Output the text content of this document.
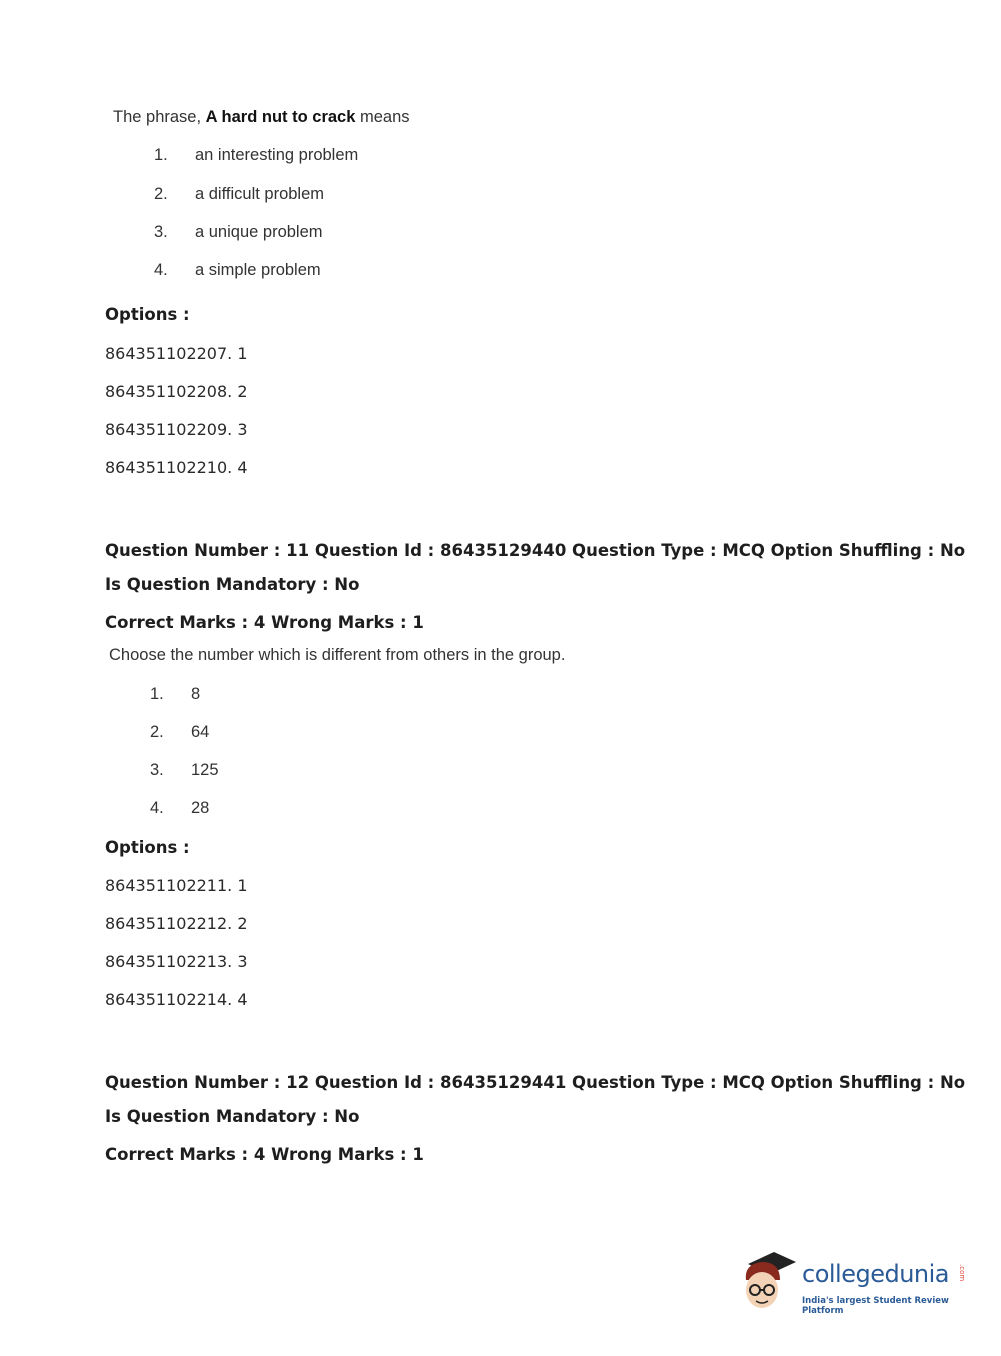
The phrase, A hard nut to crack means
1. an interesting problem
2. a difficult problem
3. a unique problem
4. a simple problem
Options :
864351102207. 1
864351102208. 2
864351102209. 3
864351102210. 4
Question Number : 11 Question Id : 86435129440 Question Type : MCQ Option Shuffling : No
Is Question Mandatory : No
Correct Marks : 4 Wrong Marks : 1
Choose the number which is different from others in the group.
1. 8
2. 64
3. 125
4. 28
Options :
864351102211. 1
864351102212. 2
864351102213. 3
864351102214. 4
Question Number : 12 Question Id : 86435129441 Question Type : MCQ Option Shuffling : No
Is Question Mandatory : No
Correct Marks : 4 Wrong Marks : 1
collegedunia .com
India's largest Student Review Platform
